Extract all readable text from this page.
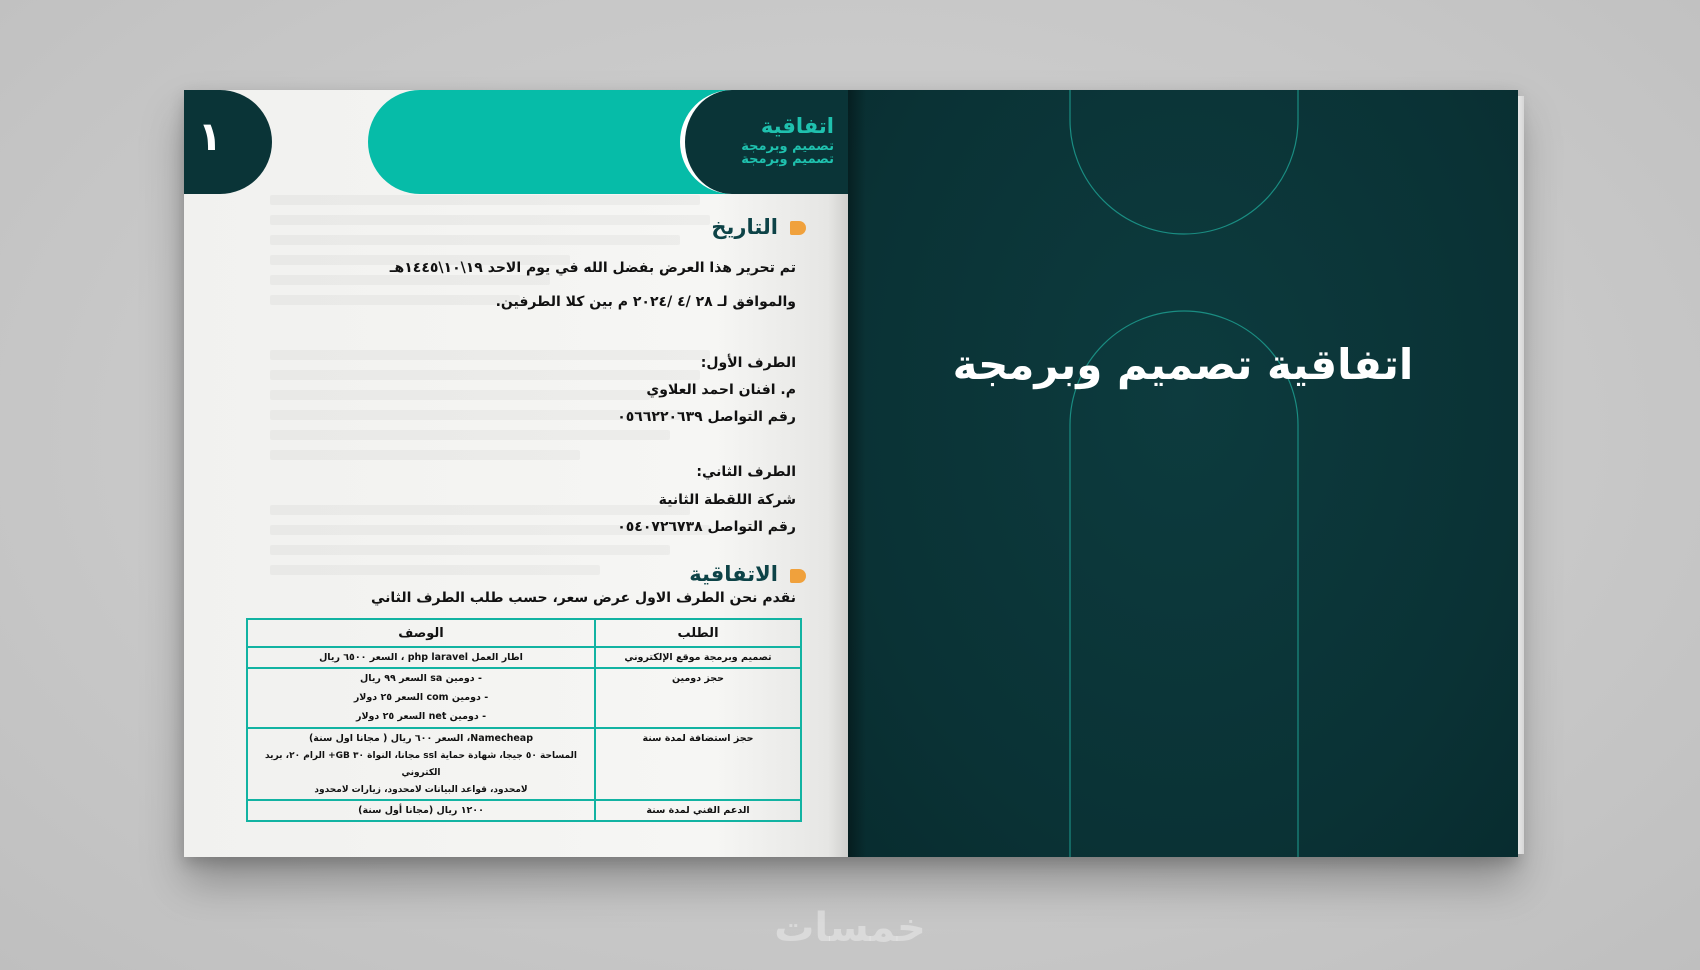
١	اتفاقية
تصميم وبرمجة
تصميم وبرمجة
التاريخ
تم تحرير هذا العرض بفضل الله في يوم الاحد ١٩\١٠\١٤٤٥هـ
والموافق لـ ٢٨ /٤ /٢٠٢٤ م بين كلا الطرفين.
الطرف الأول:
م. افنان احمد العلاوي
رقم التواصل ٠٥٦٦٢٢٠٦٣٩
الطرف الثاني:
شركة اللقطة الثانية
رقم التواصل ٠٥٤٠٧٢٦٧٣٨
الاتفاقية
نقدم نحن الطرف الاول عرض سعر، حسب طلب الطرف الثاني
الطلب	الوصف
تصميم وبرمجة موقع الإلكتروني	اطار العمل php laravel ، السعر ٦٥٠٠ ريال

حجز دومين	- دومين sa السعر ٩٩ ريال
- دومين com السعر ٢٥ دولار
- دومين net السعر ٢٥ دولار

حجز استضافة لمدة سنة	Namecheap، السعر ٦٠٠ ريال ( مجانا اول سنة)
المساحة ٥٠ جيجا، شهادة حماية ssl مجانا، النواة ٣٠ GB+ الرام ٢٠، بريد الكتروني
لامحدود، قواعد البيانات لامحدود، زيارات لامحدود

الدعم الفني لمدة سنة	١٢٠٠ ريال (مجانا أول سنة)
اتفاقية تصميم وبرمجة
خمسات
